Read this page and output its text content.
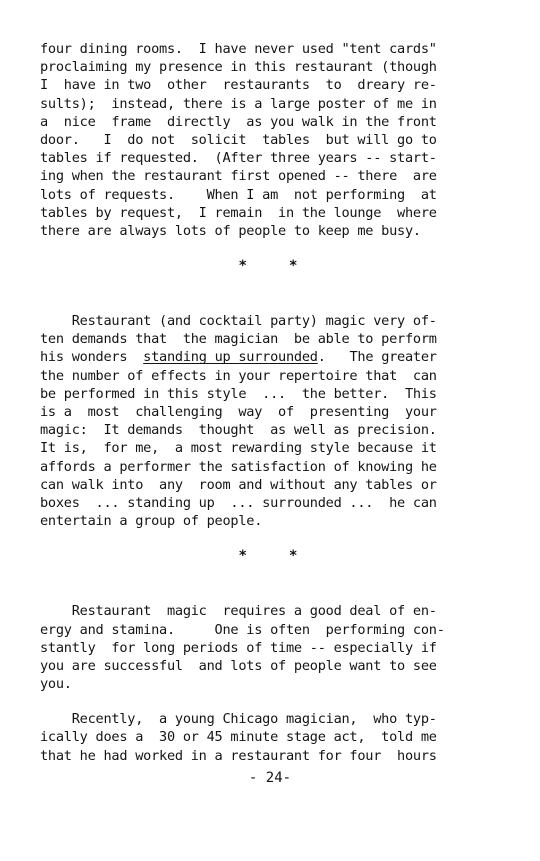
four dining rooms.  I have never used "tent cards"
proclaiming my presence in this restaurant (though
I  have in two  other  restaurants  to  dreary re-
sults);  instead, there is a large poster of me in
a  nice  frame  directly  as you walk in the front
door.   I  do not  solicit  tables  but will go to
tables if requested.  (After three years -- start-
ing when the restaurant first opened -- there  are
lots of requests.    When I am  not performing  at
tables by request,  I remain  in the lounge  where
there are always lots of people to keep me busy.
*     *
Restaurant (and cocktail party) magic very of-
ten demands that  the magician  be able to perform
his wonders  standing up surrounded.   The greater
the number of effects in your repertoire that  can
be performed in this style  ...  the better.  This
is a  most  challenging  way  of  presenting  your
magic:  It demands  thought  as well as precision.
It is,  for me,  a most rewarding style because it
affords a performer the satisfaction of knowing he
can walk into  any  room and without any tables or
boxes  ... standing up  ... surrounded ...  he can
entertain a group of people.
*     *
Restaurant  magic  requires a good deal of en-
ergy and stamina.     One is often  performing con-
stantly  for long periods of time -- especially if
you are successful  and lots of people want to see
you.
Recently,  a young Chicago magician,  who typ-
ically does a  30 or 45 minute stage act,  told me
that he had worked in a restaurant for four  hours
- 24-
